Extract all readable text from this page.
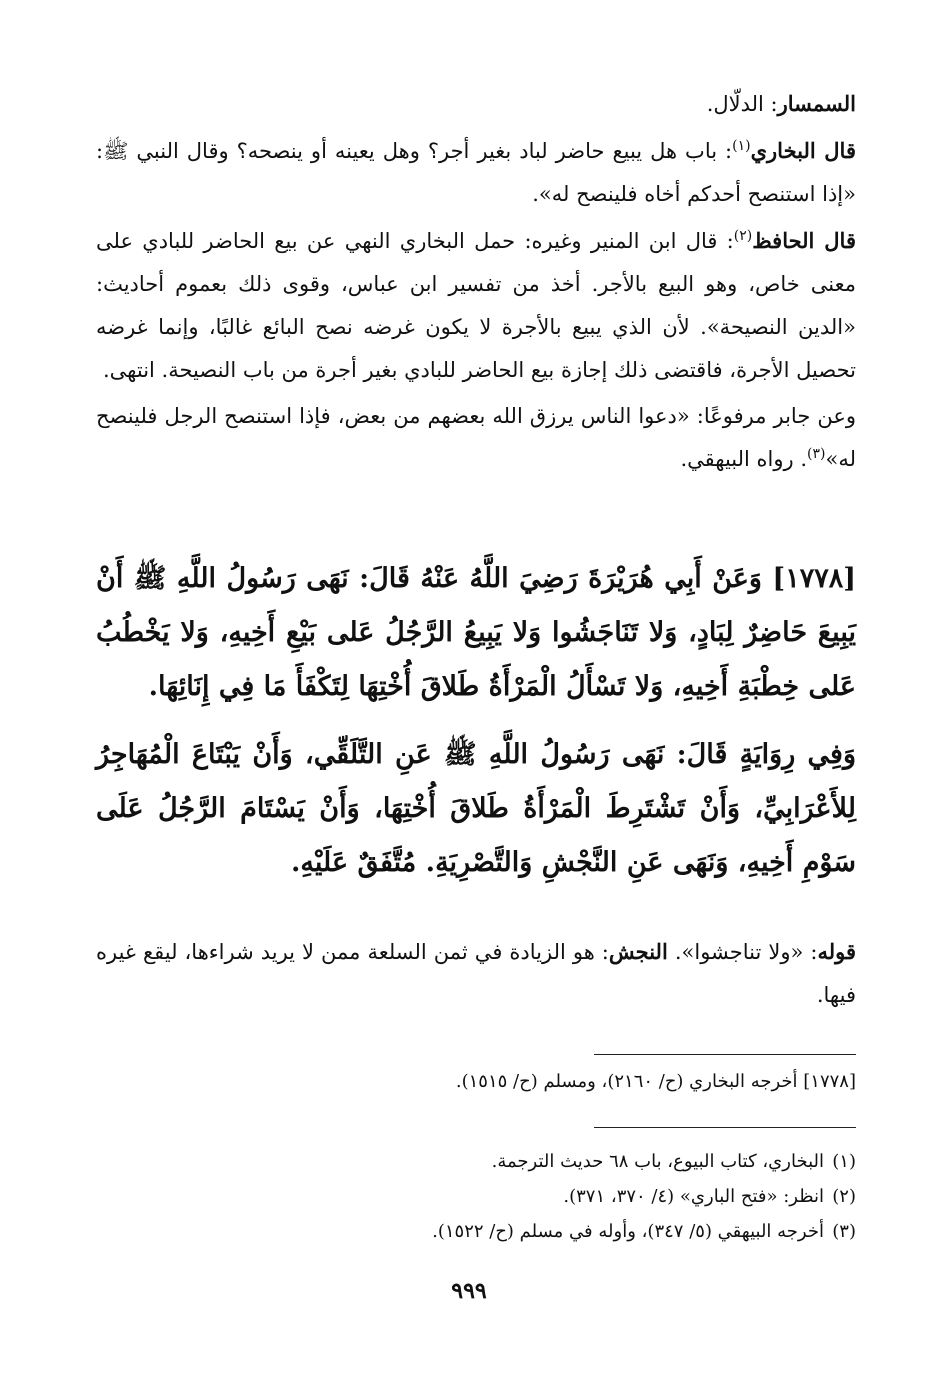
السمسار: الدلّال.

قال البخاري$^{(١)}$: باب هل يبيع حاضر لباد بغير أجر؟ وهل يعينه أو ينصحه؟ وقال النبي ﷺ: «إذا استنصح أحدكم أخاه فلينصح له».

قال الحافظ$^{(٢)}$: قال ابن المنير وغيره: حمل البخاري النهي عن بيع الحاضر للبادي على معنى خاص، وهو البيع بالأجر. أخذ من تفسير ابن عباس، وقوى ذلك بعموم أحاديث: «الدين النصيحة». لأن الذي يبيع بالأجرة لا يكون غرضه نصح البائع غالبًا، وإنما غرضه تحصيل الأجرة، فاقتضى ذلك إجازة بيع الحاضر للبادي بغير أجرة من باب النصيحة. انتهى.

وعن جابر مرفوعًا: «دعوا الناس يرزق الله بعضهم من بعض، فإذا استنصح الرجل فلينصح له»$^{(٣)}$. رواه البيهقي.

[١٧٧٨] وَعَنْ أَبِي هُرَيْرَةَ رَضِيَ اللَّهُ عَنْهُ قَالَ: نَهَى رَسُولُ اللَّهِ ﷺ أَنْ يَبِيعَ حَاضِرٌ لِبَادٍ، وَلا تَنَاجَشُوا وَلا يَبِيعُ الرَّجُلُ عَلى بَيْعِ أَخِيهِ، وَلا يَخْطُبُ عَلى خِطْبَةِ أَخِيهِ، وَلا تَسْأَلُ الْمَرْأَةُ طَلاقَ أُخْتِهَا لِتَكْفَأَ مَا فِي إِنَائِهَا.

وَفِي رِوَايَةٍ قَالَ: نَهَى رَسُولُ اللَّهِ ﷺ عَنِ التَّلَقِّي، وَأَنْ يَبْتَاعَ الْمُهَاجِرُ لِلأَعْرَابِيِّ، وَأَنْ تَشْتَرِطَ الْمَرْأَةُ طَلاقَ أُخْتِهَا، وَأَنْ يَسْتَامَ الرَّجُلُ عَلَى سَوْمِ أَخِيهِ، وَنَهَى عَنِ النَّجْشِ وَالتَّصْرِيَةِ. مُتَّفَقٌ عَلَيْهِ.

قوله: «ولا تناجشوا». النجش: هو الزيادة في ثمن السلعة ممن لا يريد شراءها، ليقع غيره فيها.

[١٧٧٨] أخرجه البخاري (ح/ ٢١٦٠)، ومسلم (ح/ ١٥١٥).

(١)البخاري، كتاب البيوع، باب ٦٨ حديث الترجمة.

(٢)انظر: «فتح الباري» (٤/ ٣٧٠، ٣٧١).

(٣)أخرجه البيهقي (٥/ ٣٤٧)، وأوله في مسلم (ح/ ١٥٢٢).

٩٩٩
